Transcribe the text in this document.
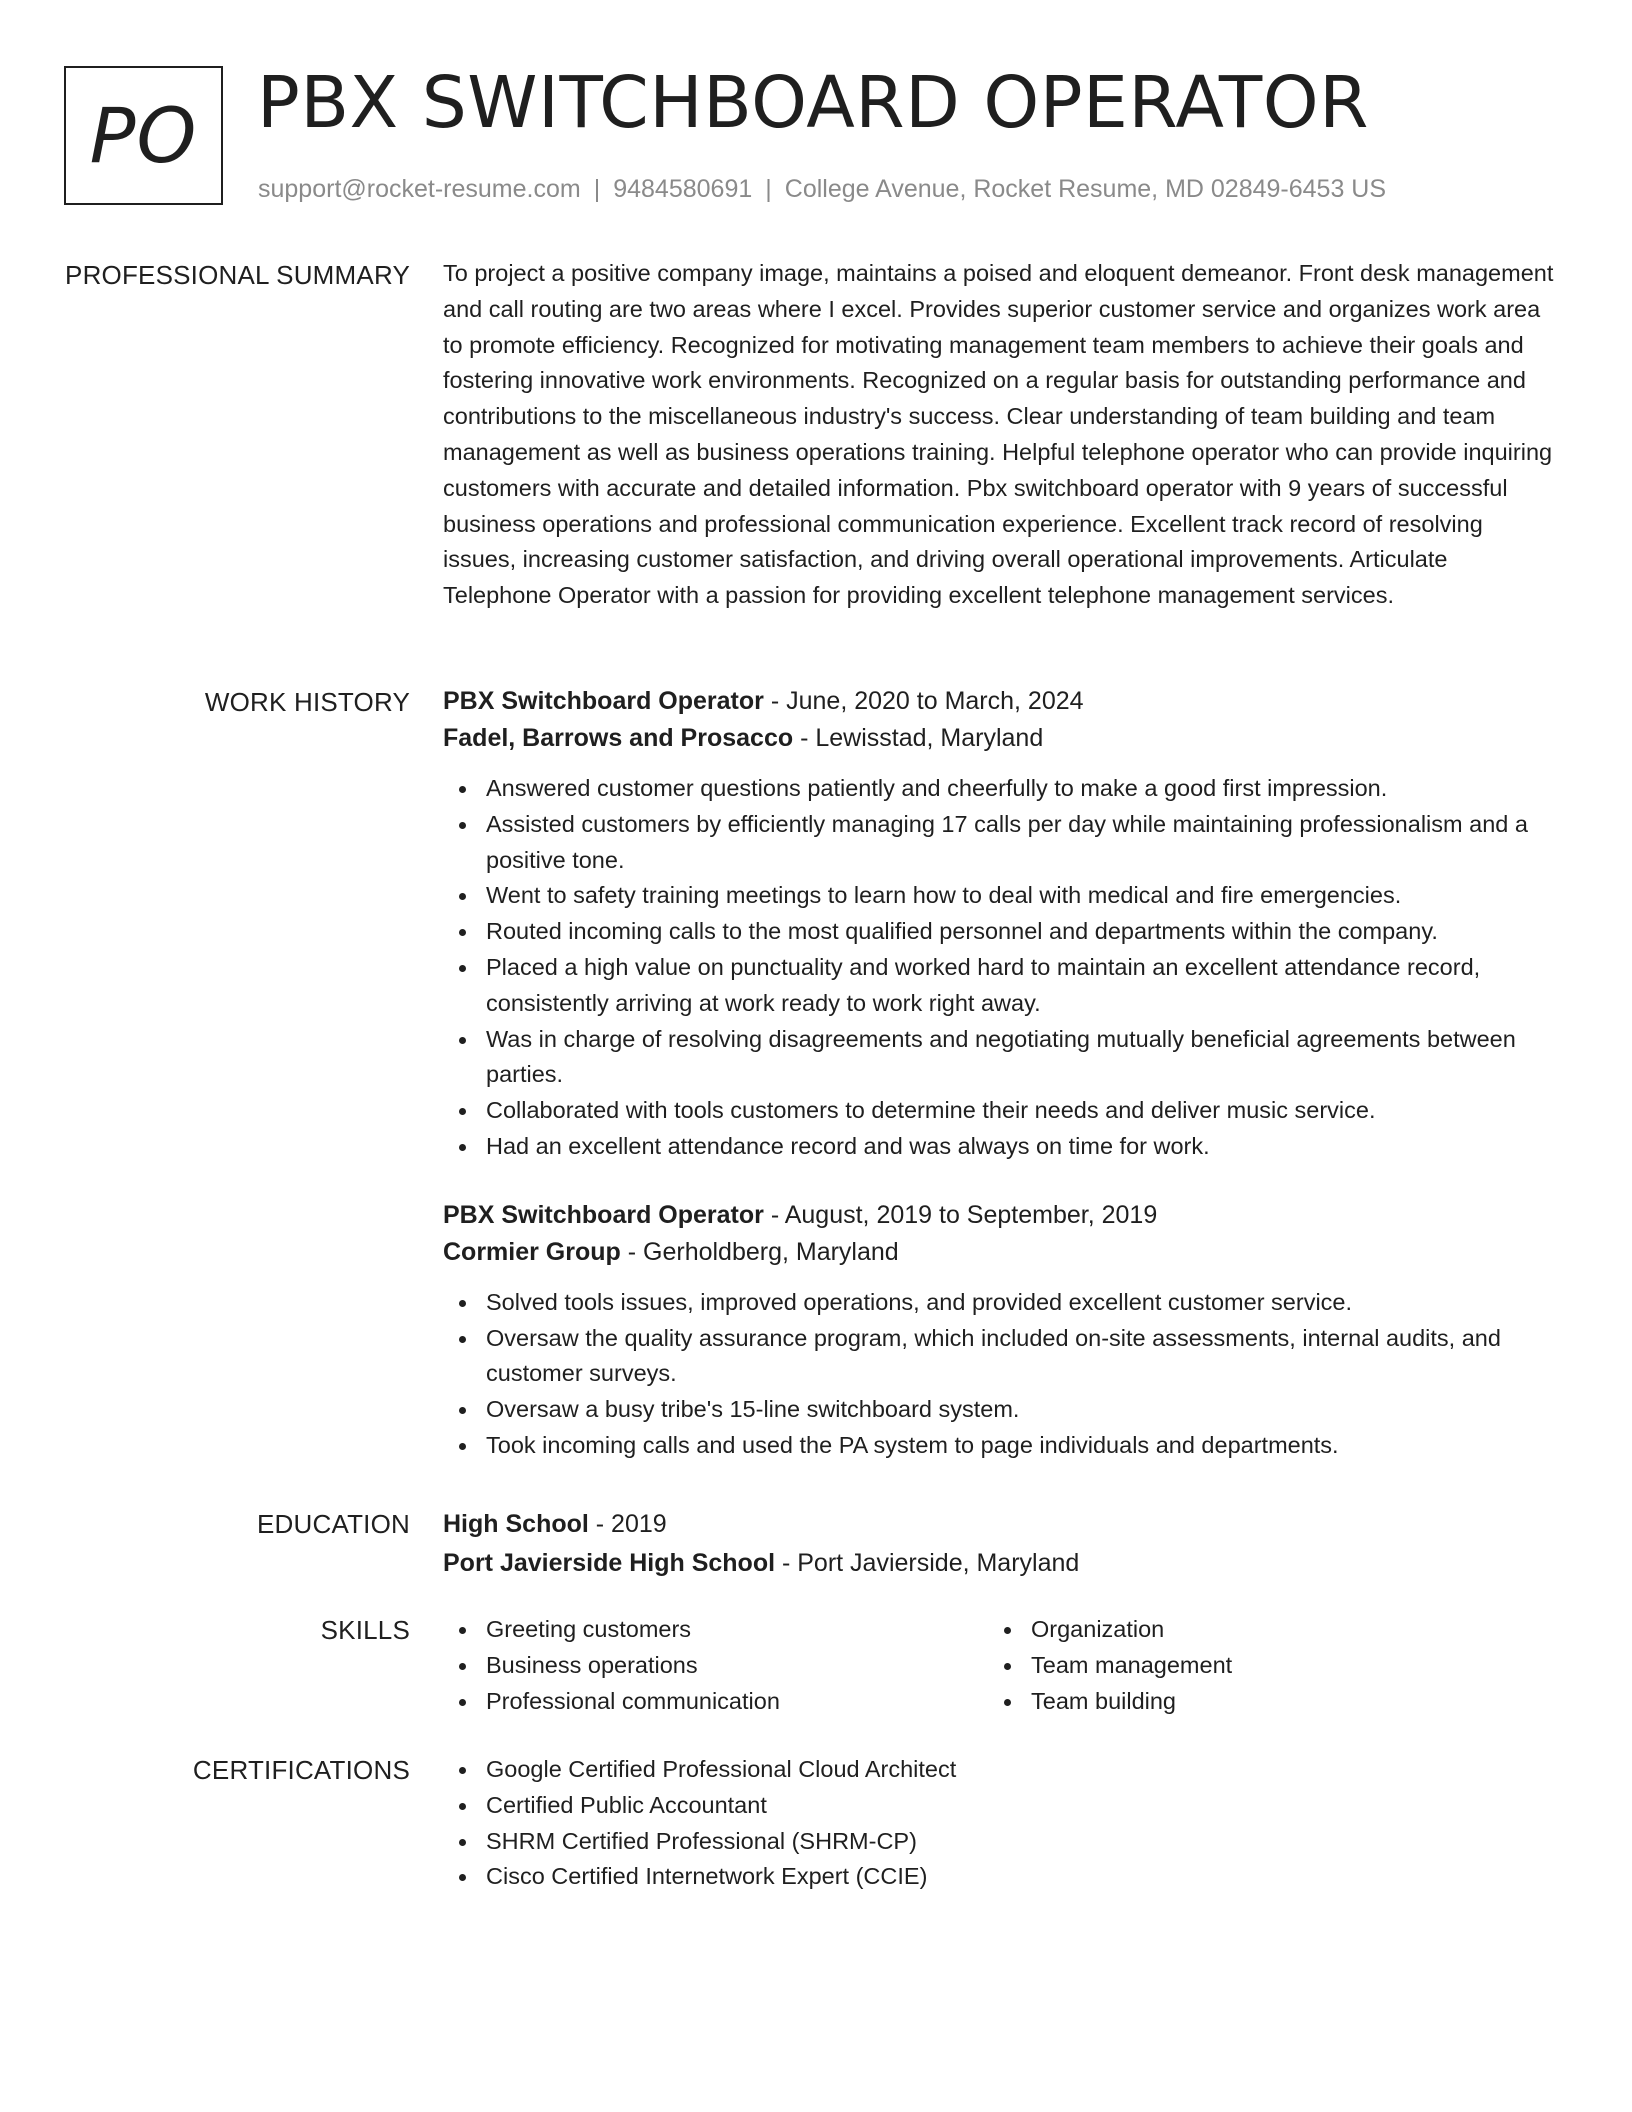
PO PBX SWITCHBOARD OPERATOR
support@rocket-resume.com | 9484580691 | College Avenue, Rocket Resume, MD 02849-6453 US
PROFESSIONAL SUMMARY To project a positive company image, maintains a poised and eloquent demeanor. Front desk management and call routing are two areas where I excel. Provides superior customer service and organizes work area to promote efficiency. Recognized for motivating management team members to achieve their goals and fostering innovative work environments. Recognized on a regular basis for outstanding performance and contributions to the miscellaneous industry's success. Clear understanding of team building and team management as well as business operations training. Helpful telephone operator who can provide inquiring customers with accurate and detailed information. Pbx switchboard operator with 9 years of successful business operations and professional communication experience. Excellent track record of resolving issues, increasing customer satisfaction, and driving overall operational improvements. Articulate Telephone Operator with a passion for providing excellent telephone management services.

WORK HISTORY PBX Switchboard Operator - June, 2020 to March, 2024
Fadel, Barrows and Prosacco - Lewisstad, Maryland
Answered customer questions patiently and cheerfully to make a good first impression.
Assisted customers by efficiently managing 17 calls per day while maintaining professionalism and a positive tone.
Went to safety training meetings to learn how to deal with medical and fire emergencies.
Routed incoming calls to the most qualified personnel and departments within the company.
Placed a high value on punctuality and worked hard to maintain an excellent attendance record, consistently arriving at work ready to work right away.
Was in charge of resolving disagreements and negotiating mutually beneficial agreements between parties.
Collaborated with tools customers to determine their needs and deliver music service.
Had an excellent attendance record and was always on time for work.
PBX Switchboard Operator - August, 2019 to September, 2019
Cormier Group - Gerholdberg, Maryland
Solved tools issues, improved operations, and provided excellent customer service.
Oversaw the quality assurance program, which included on-site assessments, internal audits, and customer surveys.
Oversaw a busy tribe's 15-line switchboard system.
Took incoming calls and used the PA system to page individuals and departments.
EDUCATION High School - 2019
Port Javierside High School - Port Javierside, Maryland
SKILLS	Greeting customers
Business operations
Professional communication
Organization
Team management
Team building
CERTIFICATIONS	Google Certified Professional Cloud Architect
Certified Public Accountant
SHRM Certified Professional (SHRM-CP)
Cisco Certified Internetwork Expert (CCIE)
